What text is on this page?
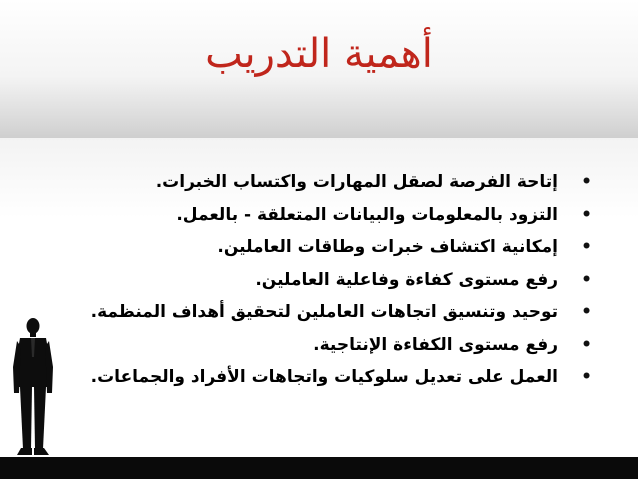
أهمية التدريب
•
إتاحة الفرصة لصقل المهارات واكتساب الخبرات.
•
التزود بالمعلومات والبيانات المتعلقة - بالعمل.
•
إمكانية اكتشاف خبرات وطاقات العاملين.
•
رفع مستوى كفاءة وفاعلية العاملين.
•
توحيد وتنسيق اتجاهات العاملين لتحقيق أهداف المنظمة.
•
رفع مستوى الكفاءة الإنتاجية.
•
العمل على تعديل سلوكيات واتجاهات الأفراد والجماعات.
